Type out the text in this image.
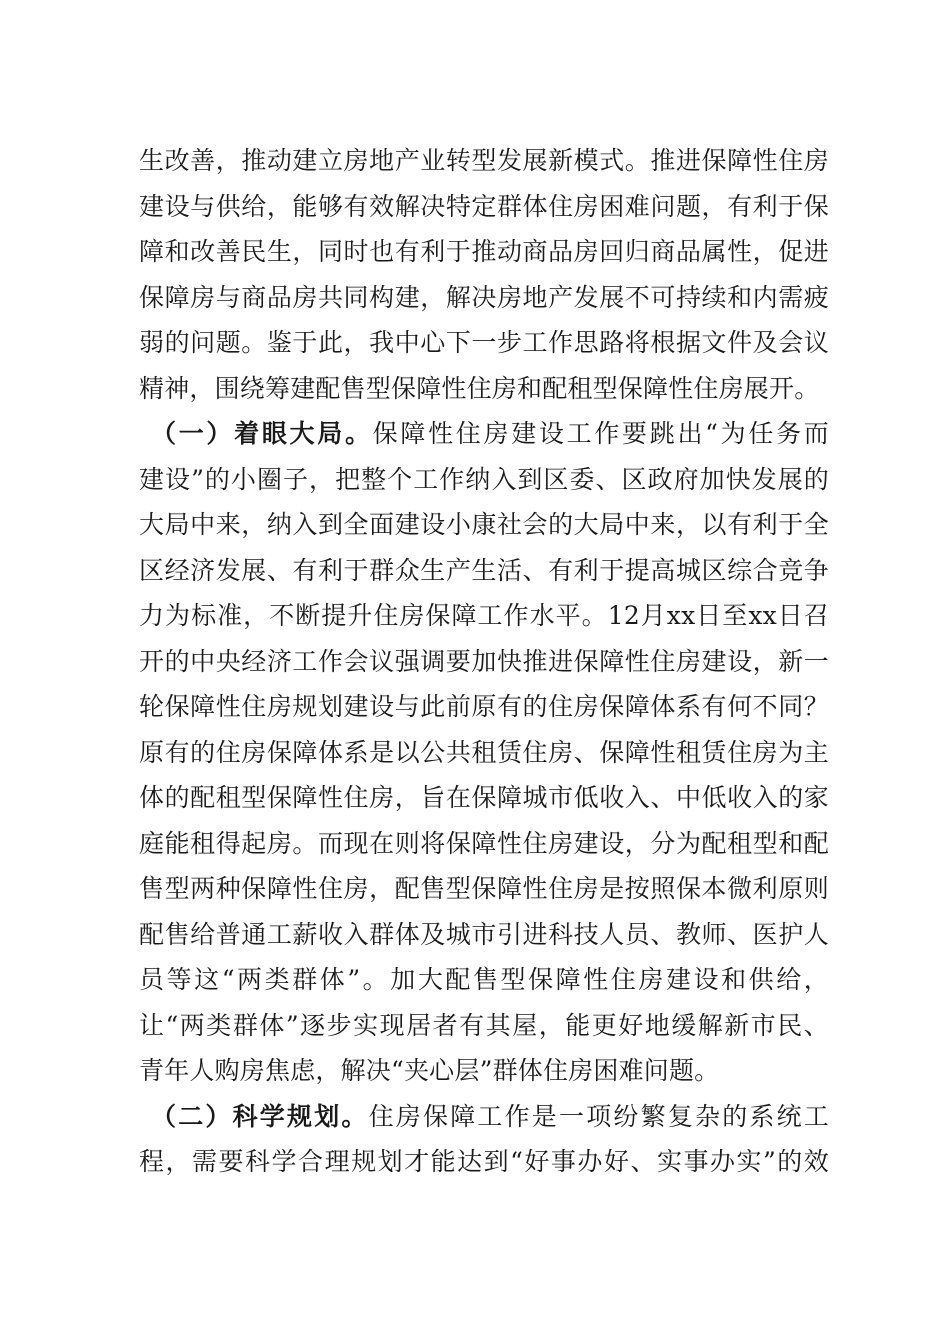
生改善，推动建立房地产业转型发展新模式。推进保障性住房
建设与供给，能够有效解决特定群体住房困难问题，有利于保
障和改善民生，同时也有利于推动商品房回归商品属性，促进
保障房与商品房共同构建，解决房地产发展不可持续和内需疲
弱的问题。鉴于此，我中心下一步工作思路将根据文件及会议
精神，围绕筹建配售型保障性住房和配租型保障性住房展开。
（一）着眼大局。保障性住房建设工作要跳出“为任务而
建设”的小圈子，把整个工作纳入到区委、区政府加快发展的
大局中来，纳入到全面建设小康社会的大局中来，以有利于全
区经济发展、有利于群众生产生活、有利于提高城区综合竞争
力为标准，不断提升住房保障工作水平。12月xx日至xx日召
开的中央经济工作会议强调要加快推进保障性住房建设，新一
轮保障性住房规划建设与此前原有的住房保障体系有何不同？
原有的住房保障体系是以公共租赁住房、保障性租赁住房为主
体的配租型保障性住房，旨在保障城市低收入、中低收入的家
庭能租得起房。而现在则将保障性住房建设，分为配租型和配
售型两种保障性住房，配售型保障性住房是按照保本微利原则
配售给普通工薪收入群体及城市引进科技人员、教师、医护人
员等这“两类群体”。加大配售型保障性住房建设和供给，
让“两类群体”逐步实现居者有其屋，能更好地缓解新市民、
青年人购房焦虑，解决“夹心层”群体住房困难问题。
（二）科学规划。住房保障工作是一项纷繁复杂的系统工
程，需要科学合理规划才能达到“好事办好、实事办实”的效
